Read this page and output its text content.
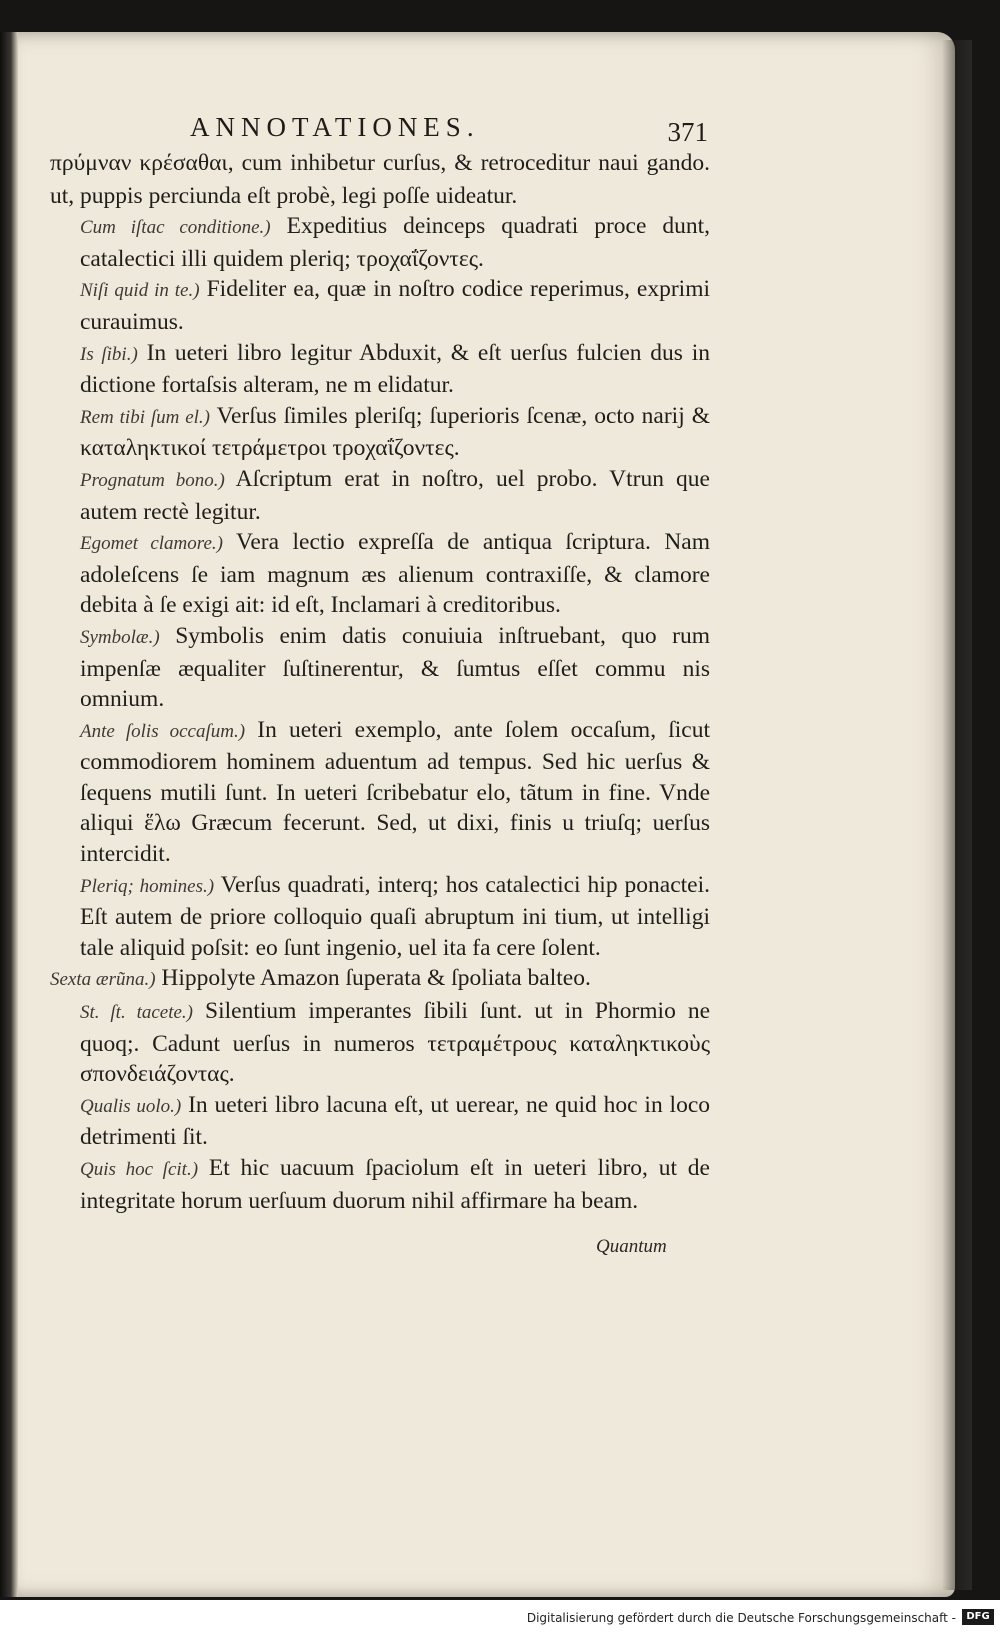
ANNOTATIONES.	371

πρύμναν κρέσαθαι, cum inhibetur curſus, & retroceditur naui gando. ut, puppis perciunda eſt probè, legi poſſe uideatur.

Cum iſtac conditione.) Expeditius deinceps quadrati proce dunt, catalectici illi quidem pleriq; τροχαΐζοντες.

Niſi quid in te.) Fideliter ea, quæ in noſtro codice reperimus, exprimi curauimus.

Is ſibi.) In ueteri libro legitur Abduxit, & eſt uerſus fulcien dus in dictione fortaſsis alteram, ne m elidatur.

Rem tibi ſum el.) Verſus ſimiles pleriſq; ſuperioris ſcenæ, octo narij & καταληκτικοί τετράμετροι τροχαΐζοντες.

Prognatum bono.) Aſcriptum erat in noſtro, uel probo. Vtrun que autem rectè legitur.

Egomet clamore.) Vera lectio expreſſa de antiqua ſcriptura. Nam adoleſcens ſe iam magnum æs alienum contraxiſſe, & clamore debita à ſe exigi ait: id eſt, Inclamari à creditoribus.

Symbolæ.) Symbolis enim datis conuiuia inſtruebant, quo rum impenſæ æqualiter ſuſtinerentur, & ſumtus eſſet commu nis omnium.

Ante ſolis occaſum.) In ueteri exemplo, ante ſolem occaſum, ſicut commodiorem hominem aduentum ad tempus. Sed hic uerſus & ſequens mutili ſunt. In ueteri ſcribebatur elo, tãtum in fine. Vnde aliqui ἕλω Græcum fecerunt. Sed, ut dixi, finis u triuſq; uerſus intercidit.

Pleriq; homines.) Verſus quadrati, interq; hos catalectici hip ponactei. Eſt autem de priore colloquio quaſi abruptum ini tium, ut intelligi tale aliquid poſsit: eo ſunt ingenio, uel ita fa cere ſolent.

Sexta ærũna.) Hippolyte Amazon ſuperata & ſpoliata balteo.

St. ſt. tacete.) Silentium imperantes ſibili ſunt. ut in Phormio ne quoq;. Cadunt uerſus in numeros τετραμέτρους καταληκτικοὺς σπονδειάζοντας.

Qualis uolo.) In ueteri libro lacuna eſt, ut uerear, ne quid hoc in loco detrimenti ſit.

Quis hoc ſcit.) Et hic uacuum ſpaciolum eſt in ueteri libro, ut de integritate horum uerſuum duorum nihil affirmare ha beam.

Quantum
Digitalisierung gefördert durch die Deutsche Forschungsgemeinschaft -	DFG
